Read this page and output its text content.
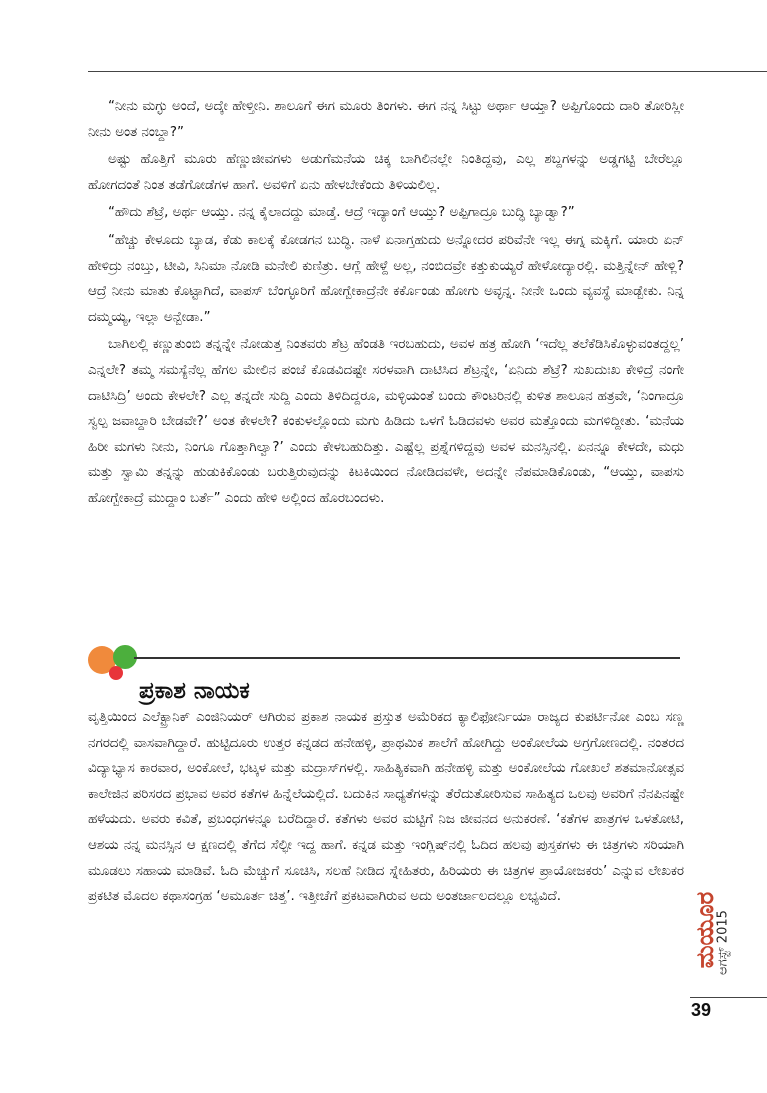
“ನೀನು ಮಗ್ಳು ಅಂದೆ, ಅದ್ಕೇ ಹೇಳ್ತೀನಿ. ಶಾಲೂಗೆ ಈಗ ಮೂರು ತಿಂಗಳು. ಈಗ ನನ್ನ ಸಿಟ್ಟು ಅರ್ಥಾ ಆಯ್ತಾ? ಅಪ್ಪಿಗೊಂದು ದಾರಿ ತೋರಿಸ್ಲೀ ನೀನು ಅಂತ ನಂಬ್ದಾ?”

ಅಷ್ಟು ಹೊತ್ತಿಗೆ ಮೂರು ಹೆಣ್ಣುಜೀವಗಳು ಅಡುಗೆಮನೆಯ ಚಿಕ್ಕ ಬಾಗಿಲಿನಲ್ಲೇ ನಿಂತಿದ್ದವು, ಎಲ್ಲ ಶಬ್ದಗಳನ್ನು ಅಡ್ಡಗಟ್ಟಿ ಬೇರೆಲ್ಲೂ ಹೋಗದಂತೆ ನಿಂತ ತಡೆಗೋಡೆಗಳ ಹಾಗೆ. ಅವಳಿಗೆ ಏನು ಹೇಳಬೇಕೆಂದು ತಿಳಿಯಲಿಲ್ಲ.

“ಹೌದು ಶೆಟ್ರೆ, ಅರ್ಥ ಆಯ್ತು. ನನ್ನ ಕೈಲಾದದ್ದು ಮಾಡ್ತೆ. ಆದ್ರೆ ಇದ್ಯಾಂಗೆ ಆಯ್ತು? ಅಪ್ಪಿಗಾದ್ರೂ ಬುದ್ಧಿ ಬ್ಯಾಡ್ವಾ?”

“ಹೆಚ್ಚು ಕೇಳೂದು ಬ್ಯಾಡ, ಕೆಡು ಕಾಲಕ್ಕೆ ಕೋಡಗನ ಬುದ್ಧಿ. ನಾಳೆ ಏನಾಗ್ತಹುದು ಅನ್ನೋದರ ಪರಿವೆನೇ ಇಲ್ಲ ಈಗ್ನ ಮಕ್ಕಿಗೆ. ಯಾರು ಏನ್ ಹೇಳಿದ್ರು ನಂಬ್ತು, ಟೀವಿ, ಸಿನಿಮಾ ನೋಡಿ ಮನೇಲಿ ಕುಣಿತ್ರು. ಆಗ್ಲೆ ಹೇಳ್ದೆ ಅಲ್ಲ, ನಂಬಿದವ್ರೇ ಕತ್ತುಕುಯ್ಯರೆ ಹೇಳೋದ್ಯಾರಲ್ಲಿ. ಮತ್ತಿನ್ನೇನ್ ಹೇಳ್ಲಿ? ಆದ್ರೆ ನೀನು ಮಾತು ಕೊಟ್ಟಾಗಿದೆ, ವಾಪಸ್ ಬೆಂಗ್ಳೂರಿಗೆ ಹೋಗ್ಬೇಕಾದ್ರೆನೇ ಕರ್ಕೊಂಡು ಹೋಗು ಅವ್ಳನ್ನ. ನೀನೇ ಒಂದು ವ್ಯವಸ್ಥೆ ಮಾಡ್ಬೇಕು. ನಿನ್ನ ದಮ್ಮಯ್ಯ, ಇಲ್ಲಾ ಅನ್ಬೇಡಾ.”

ಬಾಗಿಲಲ್ಲಿ ಕಣ್ಣುತುಂಬಿ ತನ್ನನ್ನೇ ನೋಡುತ್ತ ನಿಂತವರು ಶೆಟ್ರ ಹೆಂಡತಿ ಇರಬಹುದು, ಅವಳ ಹತ್ರ ಹೋಗಿ ‘ಇದೆಲ್ಲ ತಲೆಕೆಡಿಸಿಕೊಳ್ಳುವಂತದ್ದಲ್ಲ’ ಎನ್ನಲೇ? ತಮ್ಮ ಸಮಸ್ಯೆನೆಲ್ಲ ಹೆಗಲ ಮೇಲಿನ ಪಂಚೆ ಕೊಡವಿದಷ್ಟೇ ಸರಳವಾಗಿ ದಾಟಿಸಿದ ಶೆಟ್ರನ್ನೇ, ‘ಏನಿದು ಶೆಟ್ರೆ? ಸುಖದುಃಖ ಕೇಳಿದ್ರೆ ನಂಗೇ ದಾಟಿಸಿದ್ರಿ’ ಅಂದು ಕೇಳಲೇ? ಎಲ್ಲ ತನ್ನದೇ ಸುದ್ದಿ ಎಂದು ತಿಳಿದಿದ್ದರೂ, ಮಳ್ಳಿಯಂತೆ ಬಂದು ಕೌಂಟರಿನಲ್ಲಿ ಕುಳಿತ ಶಾಲೂನ ಹತ್ರವೇ, ‘ನಿಂಗಾದ್ರೂ ಸ್ವಲ್ಪ ಜವಾಬ್ದಾರಿ ಬೇಡವೇ?’ ಅಂತ ಕೇಳಲೇ? ಕಂಕುಳಲ್ಲೊಂದು ಮಗು ಹಿಡಿದು ಒಳಗೆ ಓಡಿದವಳು ಅವರ ಮತ್ತೊಂದು ಮಗಳಿದ್ದೀತು. ‘ಮನೆಯ ಹಿರೀ ಮಗಳು ನೀನು, ನಿಂಗೂ ಗೊತ್ತಾಗಿಲ್ವಾ?’ ಎಂದು ಕೇಳಬಹುದಿತ್ತು. ಎಷ್ಟೆಲ್ಲ ಪ್ರಶ್ನೆಗಳಿದ್ದವು ಅವಳ ಮನಸ್ಸಿನಲ್ಲಿ. ಏನನ್ನೂ ಕೇಳದೇ, ಮಧು ಮತ್ತು ಸ್ವಾಮಿ ತನ್ನನ್ನು ಹುಡುಕಿಕೊಂಡು ಬರುತ್ತಿರುವುದನ್ನು ಕಿಟಕಿಯಿಂದ ನೋಡಿದವಳೇ, ಅದನ್ನೇ ನೆಪಮಾಡಿಕೊಂಡು, “ಆಯ್ತು, ವಾಪಸು ಹೋಗ್ಬೇಕಾದ್ರೆ ಮುದ್ದಾಂ ಬರ್ತೆ” ಎಂದು ಹೇಳಿ ಅಲ್ಲಿಂದ ಹೊರಬಂದಳು.

ಪ್ರಕಾಶ ನಾಯಕ

ವೃತ್ತಿಯಿಂದ ಎಲೆಕ್ಟ್ರಾನಿಕ್ ಎಂಜಿನಿಯರ್ ಆಗಿರುವ ಪ್ರಕಾಶ ನಾಯಕ ಪ್ರಸ್ತುತ ಅಮೆರಿಕದ ಕ್ಯಾಲಿಫೋರ್ನಿಯಾ ರಾಜ್ಯದ ಕುಪರ್ಟಿನೋ ಎಂಬ ಸಣ್ಣ ನಗರದಲ್ಲಿ ವಾಸವಾಗಿದ್ದಾರೆ. ಹುಟ್ಟಿದೂರು ಉತ್ತರ ಕನ್ನಡದ ಹನೇಹಳ್ಳಿ, ಪ್ರಾಥಮಿಕ ಶಾಲೆಗೆ ಹೋಗಿದ್ದು ಅಂಕೋಲೆಯ ಅಗ್ರಗೋಣದಲ್ಲಿ. ನಂತರದ ವಿದ್ಯಾಭ್ಯಾಸ ಕಾರವಾರ, ಅಂಕೋಲೆ, ಭಟ್ಕಳ ಮತ್ತು ಮದ್ರಾಸ್‌ಗಳಲ್ಲಿ. ಸಾಹಿತ್ಯಿಕವಾಗಿ ಹನೇಹಳ್ಳಿ ಮತ್ತು ಅಂಕೋಲೆಯ ಗೋಖಲೆ ಶತಮಾನೋತ್ಸವ ಕಾಲೇಜಿನ ಪರಿಸರದ ಪ್ರಭಾವ ಅವರ ಕತೆಗಳ ಹಿನ್ನೆಲೆಯಲ್ಲಿದೆ. ಬದುಕಿನ ಸಾಧ್ಯತೆಗಳನ್ನು ತೆರೆದುತೋರಿಸುವ ಸಾಹಿತ್ಯದ ಒಲವು ಅವರಿಗೆ ನೆನಪಿನಷ್ಟೇ ಹಳೆಯದು. ಅವರು ಕವಿತೆ, ಪ್ರಬಂಧಗಳನ್ನೂ ಬರೆದಿದ್ದಾರೆ. ಕತೆಗಳು ಅವರ ಮಟ್ಟಿಗೆ ನಿಜ ಜೀವನದ ಅನುಕರಣೆ. ‘ಕತೆಗಳ ಪಾತ್ರಗಳ ಒಳತೋಟಿ, ಆಶಯ ನನ್ನ ಮನಸ್ಸಿನ ಆ ಕ್ಷಣದಲ್ಲಿ ತೆಗೆದ ಸೆಲ್ಫೀ ಇದ್ದ ಹಾಗೆ. ಕನ್ನಡ ಮತ್ತು ಇಂಗ್ಲಿಷ್‌ನಲ್ಲಿ ಓದಿದ ಹಲವು ಪುಸ್ತಕಗಳು ಈ ಚಿತ್ರಗಳು ಸರಿಯಾಗಿ ಮೂಡಲು ಸಹಾಯ ಮಾಡಿವೆ. ಓದಿ ಮೆಚ್ಚುಗೆ ಸೂಚಿಸಿ, ಸಲಹೆ ನೀಡಿದ ಸ್ನೇಹಿತರು, ಹಿರಿಯರು ಈ ಚಿತ್ರಗಳ ಪ್ರಾಯೋಜಕರು’ ಎನ್ನುವ ಲೇಖಕರ ಪ್ರಕಟಿತ ಮೊದಲ ಕಥಾಸಂಗ್ರಹ ‘ಅಮೂರ್ತ ಚಿತ್ತ’. ಇತ್ತೀಚೆಗೆ ಪ್ರಕಟವಾಗಿರುವ ಅದು ಅಂತರ್ಜಾಲದಲ್ಲೂ ಲಭ್ಯವಿದೆ.

ಆಗಸ್ಟ್ 2015
ಮಯೂರ
39
